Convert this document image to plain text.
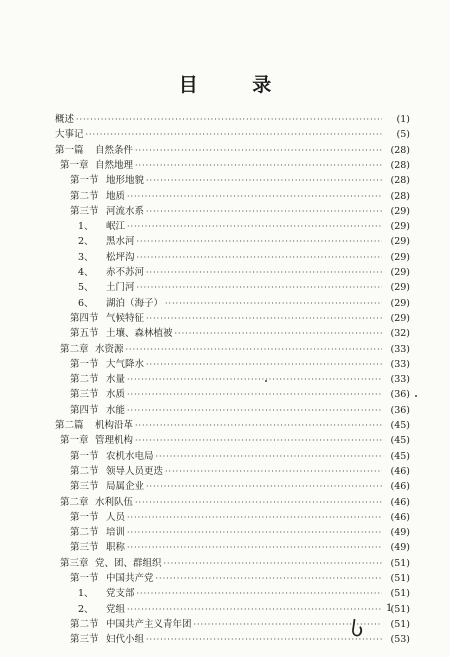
目 录
概述 ·····	(1)
大事记 ·····	(5)
第一篇	自然条件 ·····	(28)
第一章 自然地理 ·····	(28)
第一节 地形地貌 ·····	(28)
第二节 地质 ·····	(28)
第三节 河流水系 ·····	(29)
1、	岷江 ·····	(29)
2、	黑水河 ·····	(29)
3、	松坪沟 ·····	(29)
4、	赤不苏河 ·····	(29)
5、	土门河 ·····	(29)
6、	湖泊（海子） ·····	(29)
第四节 气候特征 ·····	(29)
第五节 土壤、森林植被 ·····	(32)
第二章 水资源 ·····	(33)
第一节 大气降水 ·····	(33)
第二节 水量 ·····	(33)
第三节 水质 ·····	(36)
第四节 水能 ·····	(36)
第二篇	机构沿革 ·····	(45)
第一章 管理机构 ·····	(45)
第一节 农机水电局 ·····	(45)
第二节 领导人员更迭 ·····	(46)
第三节 局属企业 ·····	(46)
第二章 水利队伍 ·····	(46)
第一节 人员 ·····	(46)
第二节 培训 ·····	(49)
第三节 职称 ·····	(49)
第三章 党、团、群组织 ·····	(51)
第一节 中国共产党 ·····	(51)
1、	党支部 ·····	(51)
2、	党组 ·····	(51)
第二节 中国共产主义青年团 ·····	(51)
第三节 妇代小组 ·····	(53)
1
Ⴑ
